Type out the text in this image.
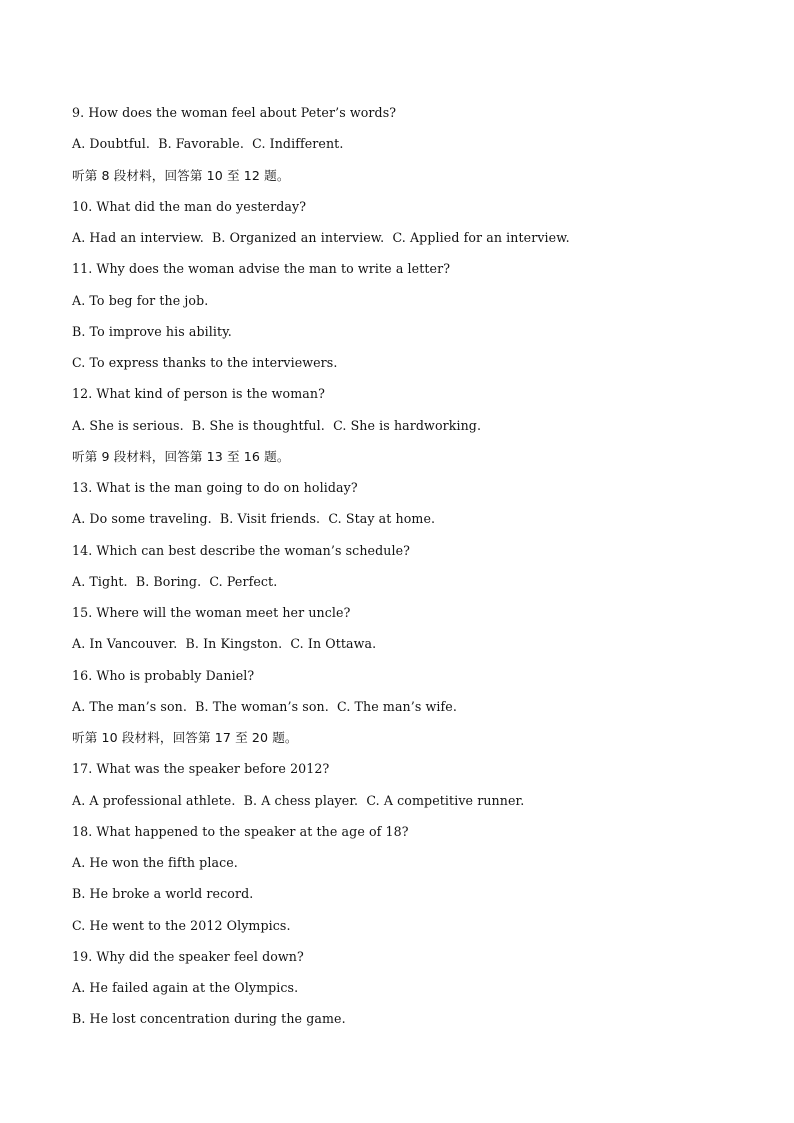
9. How does the woman feel about Peter’s words?
A. Doubtful.  B. Favorable.  C. Indifferent.
听第 8 段材料，回答第 10 至 12 题。
10. What did the man do yesterday?
A. Had an interview.  B. Organized an interview.  C. Applied for an interview.
11. Why does the woman advise the man to write a letter?
A. To beg for the job.
B. To improve his ability.
C. To express thanks to the interviewers.
12. What kind of person is the woman?
A. She is serious.  B. She is thoughtful.  C. She is hardworking.
听第 9 段材料，回答第 13 至 16 题。
13. What is the man going to do on holiday?
A. Do some traveling.  B. Visit friends.  C. Stay at home.
14. Which can best describe the woman’s schedule?
A. Tight.  B. Boring.  C. Perfect.
15. Where will the woman meet her uncle?
A. In Vancouver.  B. In Kingston.  C. In Ottawa.
16. Who is probably Daniel?
A. The man’s son.  B. The woman’s son.  C. The man’s wife.
听第 10 段材料，回答第 17 至 20 题。
17. What was the speaker before 2012?
A. A professional athlete.  B. A chess player.  C. A competitive runner.
18. What happened to the speaker at the age of 18?
A. He won the fifth place.
B. He broke a world record.
C. He went to the 2012 Olympics.
19. Why did the speaker feel down?
A. He failed again at the Olympics.
B. He lost concentration during the game.
